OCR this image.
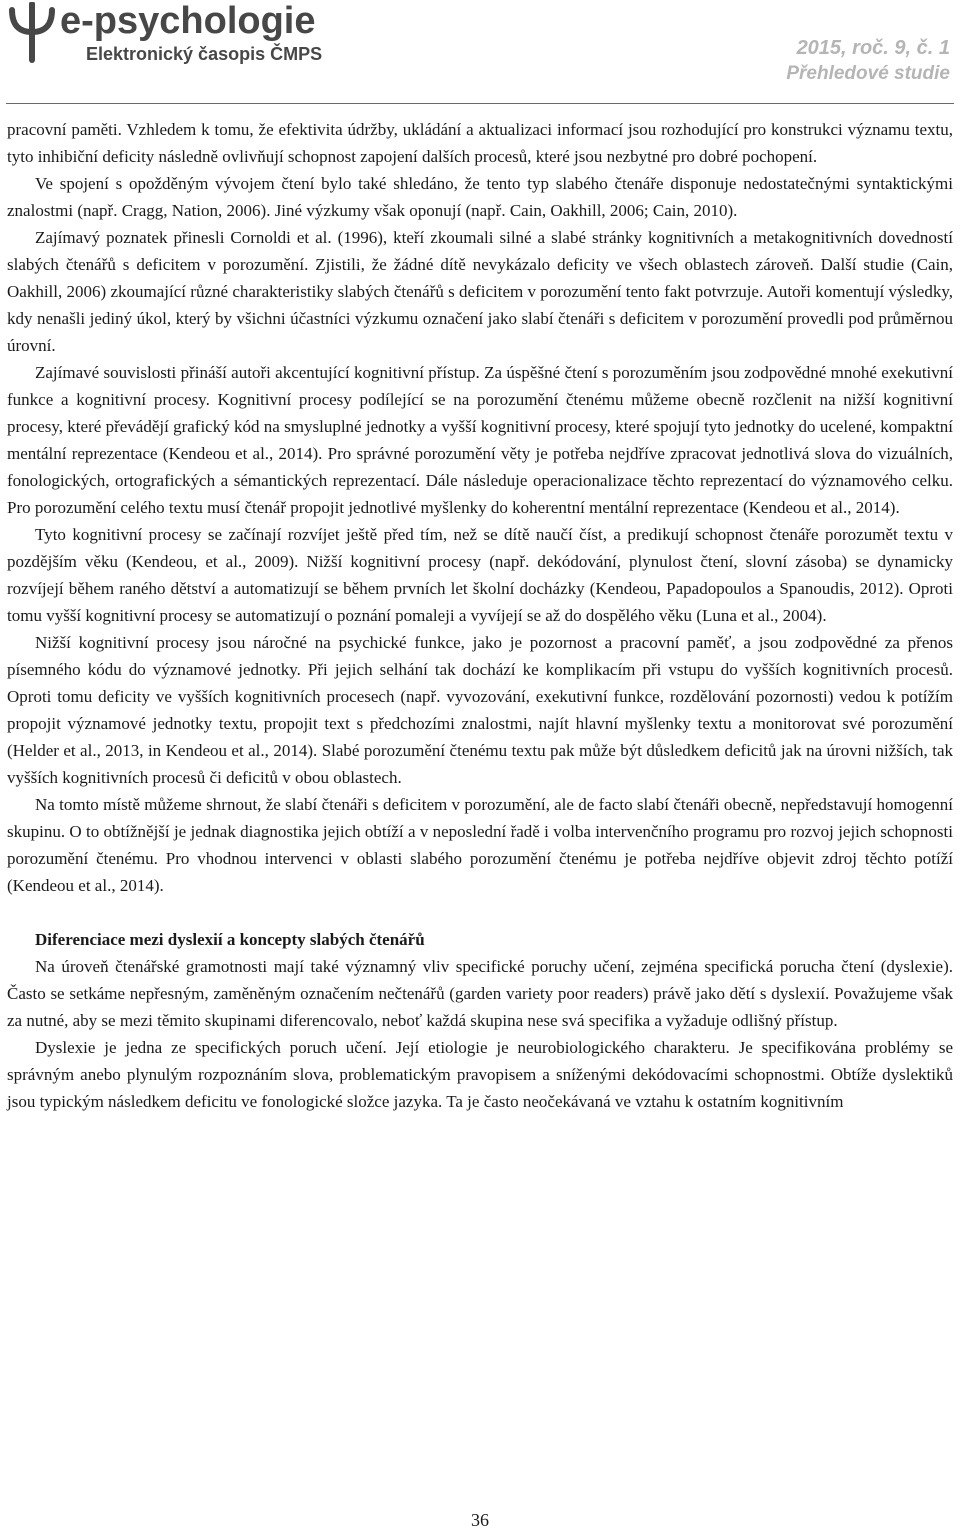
e-psychologie
Elektronický časopis ČMPS	2015, roč. 9, č. 1
Přehledové studie

pracovní paměti. Vzhledem k tomu, že efektivita údržby, ukládání a aktualizaci informací jsou rozhodující pro konstrukci významu textu, tyto inhibiční deficity následně ovlivňují schopnost zapojení dalších procesů, které jsou nezbytné pro dobré pochopení.

Ve spojení s opožděným vývojem čtení bylo také shledáno, že tento typ slabého čtenáře disponuje nedostatečnými syntaktickými znalostmi (např. Cragg, Nation, 2006). Jiné výzkumy však oponují (např. Cain, Oakhill, 2006; Cain, 2010).

Zajímavý poznatek přinesli Cornoldi et al. (1996), kteří zkoumali silné a slabé stránky kognitivních a metakognitivních dovedností slabých čtenářů s deficitem v porozumění. Zjistili, že žádné dítě nevykázalo deficity ve všech oblastech zároveň. Další studie (Cain, Oakhill, 2006) zkoumající různé charakteristiky slabých čtenářů s deficitem v porozumění tento fakt potvrzuje. Autoři komentují výsledky, kdy nenašli jediný úkol, který by všichni účastníci výzkumu označení jako slabí čtenáři s deficitem v porozumění provedli pod průměrnou úrovní.

Zajímavé souvislosti přináší autoři akcentující kognitivní přístup. Za úspěšné čtení s porozuměním jsou zodpovědné mnohé exekutivní funkce a kognitivní procesy. Kognitivní procesy podílející se na porozumění čtenému můžeme obecně rozčlenit na nižší kognitivní procesy, které převádějí grafický kód na smysluplné jednotky a vyšší kognitivní procesy, které spojují tyto jednotky do ucelené, kompaktní mentální reprezentace (Kendeou et al., 2014). Pro správné porozumění věty je potřeba nejdříve zpracovat jednotlivá slova do vizuálních, fonologických, ortografických a sémantických reprezentací. Dále následuje operacionalizace těchto reprezentací do významového celku. Pro porozumění celého textu musí čtenář propojit jednotlivé myšlenky do koherentní mentální reprezentace (Kendeou et al., 2014).

Tyto kognitivní procesy se začínají rozvíjet ještě před tím, než se dítě naučí číst, a predikují schopnost čtenáře porozumět textu v pozdějším věku (Kendeou, et al., 2009). Nižší kognitivní procesy (např. dekódování, plynulost čtení, slovní zásoba) se dynamicky rozvíjejí během raného dětství a automatizují se během prvních let školní docházky (Kendeou, Papadopoulos a Spanoudis, 2012). Oproti tomu vyšší kognitivní procesy se automatizují o poznání pomaleji a vyvíjejí se až do dospělého věku (Luna et al., 2004).

Nižší kognitivní procesy jsou náročné na psychické funkce, jako je pozornost a pracovní paměť, a jsou zodpovědné za přenos písemného kódu do významové jednotky. Při jejich selhání tak dochází ke komplikacím při vstupu do vyšších kognitivních procesů. Oproti tomu deficity ve vyšších kognitivních procesech (např. vyvozování, exekutivní funkce, rozdělování pozornosti) vedou k potížím propojit významové jednotky textu, propojit text s předchozími znalostmi, najít hlavní myšlenky textu a monitorovat své porozumění (Helder et al., 2013, in Kendeou et al., 2014). Slabé porozumění čtenému textu pak může být důsledkem deficitů jak na úrovni nižších, tak vyšších kognitivních procesů či deficitů v obou oblastech.

Na tomto místě můžeme shrnout, že slabí čtenáři s deficitem v porozumění, ale de facto slabí čtenáři obecně, nepředstavují homogenní skupinu. O to obtížnější je jednak diagnostika jejich obtíží a v neposlední řadě i volba intervenčního programu pro rozvoj jejich schopnosti porozumění čtenému. Pro vhodnou intervenci v oblasti slabého porozumění čtenému je potřeba nejdříve objevit zdroj těchto potíží (Kendeou et al., 2014).

Diferenciace mezi dyslexií a koncepty slabých čtenářů

Na úroveň čtenářské gramotnosti mají také významný vliv specifické poruchy učení, zejména specifická porucha čtení (dyslexie). Často se setkáme nepřesným, zaměněným označením nečtenářů (garden variety poor readers) právě jako dětí s dyslexií. Považujeme však za nutné, aby se mezi těmito skupinami diferencovalo, neboť každá skupina nese svá specifika a vyžaduje odlišný přístup.

Dyslexie je jedna ze specifických poruch učení. Její etiologie je neurobiologického charakteru. Je specifikována problémy se správným anebo plynulým rozpoznáním slova, problematickým pravopisem a sníženými dekódovacími schopnostmi. Obtíže dyslektiků jsou typickým následkem deficitu ve fonologické složce jazyka. Ta je často neočekávaná ve vztahu k ostatním kognitivním

36
